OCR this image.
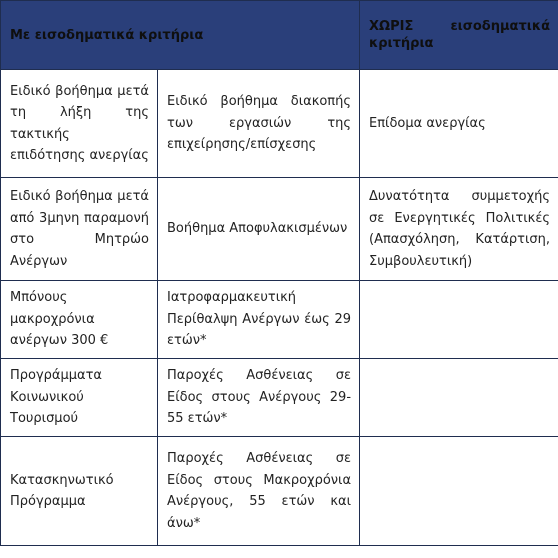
Με εισοδηματικά κριτήρια		ΧΩΡΙΣ εισοδηματικά κριτήρια
Ειδικό βοήθημα μετά τη λήξη της τακτικής επιδότησης ανεργίας	Ειδικό βοήθημα διακοπής των εργασιών της επιχείρησης/επίσχεσης	Επίδομα ανεργίας
Ειδικό βοήθημα μετά από 3μηνη παραμονή στο Μητρώο Ανέργων	Βοήθημα Αποφυλακισμένων	Δυνατότητα συμμετοχής σε Ενεργητικές Πολιτικές (Απασχόληση, Κατάρτιση, Συμβουλευτική)
Μπόνους μακροχρόνια ανέργων 300 €	Ιατροφαρμακευτική Περίθαλψη Ανέργων έως 29 ετών*	
Προγράμματα Κοινωνικού Τουρισμού	Παροχές Ασθένειας σε Είδος στους Ανέργους 29-55 ετών*	
Κατασκηνωτικό Πρόγραμμα	Παροχές Ασθένειας σε Είδος στους Μακροχρόνια Ανέργους, 55 ετών και άνω*	
